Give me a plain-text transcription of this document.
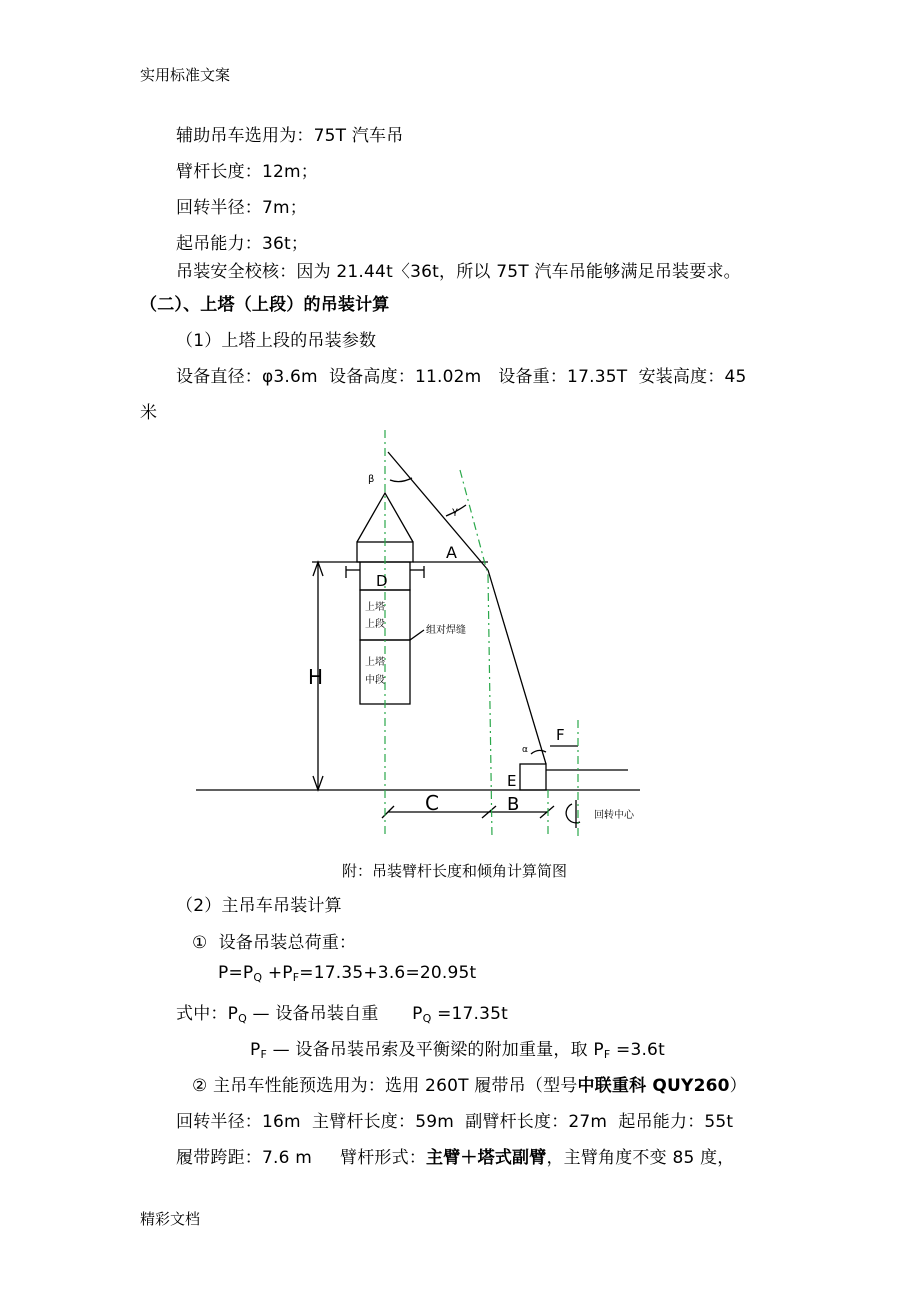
实用标准文案
辅助吊车选用为：75T 汽车吊
臂杆长度：12m；
回转半径：7m；
起吊能力：36t；
吊装安全校核：因为 21.44t〈36t，所以 75T 汽车吊能够满足吊装要求。
（二）、上塔（上段）的吊装计算
（1）上塔上段的吊装参数
设备直径：φ3.6m  设备高度：11.02m   设备重：17.35T  安装高度：45
米
β
γ
A
D
H
上塔
上段
组对焊缝
上塔
中段
α
F
E
C	B
回转中心
附：吊装臂杆长度和倾角计算简图
（2）主吊车吊装计算
①  设备吊装总荷重：
$P=P_Q +P_F=17.35+3.6=20.95t$
式中：$P_Q$ — 设备吊装自重      $P_Q =17.35t$
$P_F$ — 设备吊装吊索及平衡梁的附加重量，取 $P_F =3.6t$
② 主吊车性能预选用为：选用 260T 履带吊（型号中联重科 QUY260）
回转半径：16m  主臂杆长度：59m  副臂杆长度：27m  起吊能力：55t
履带跨距：7.6 m     臂杆形式：主臂＋塔式副臂，主臂角度不变 85 度，
精彩文档
